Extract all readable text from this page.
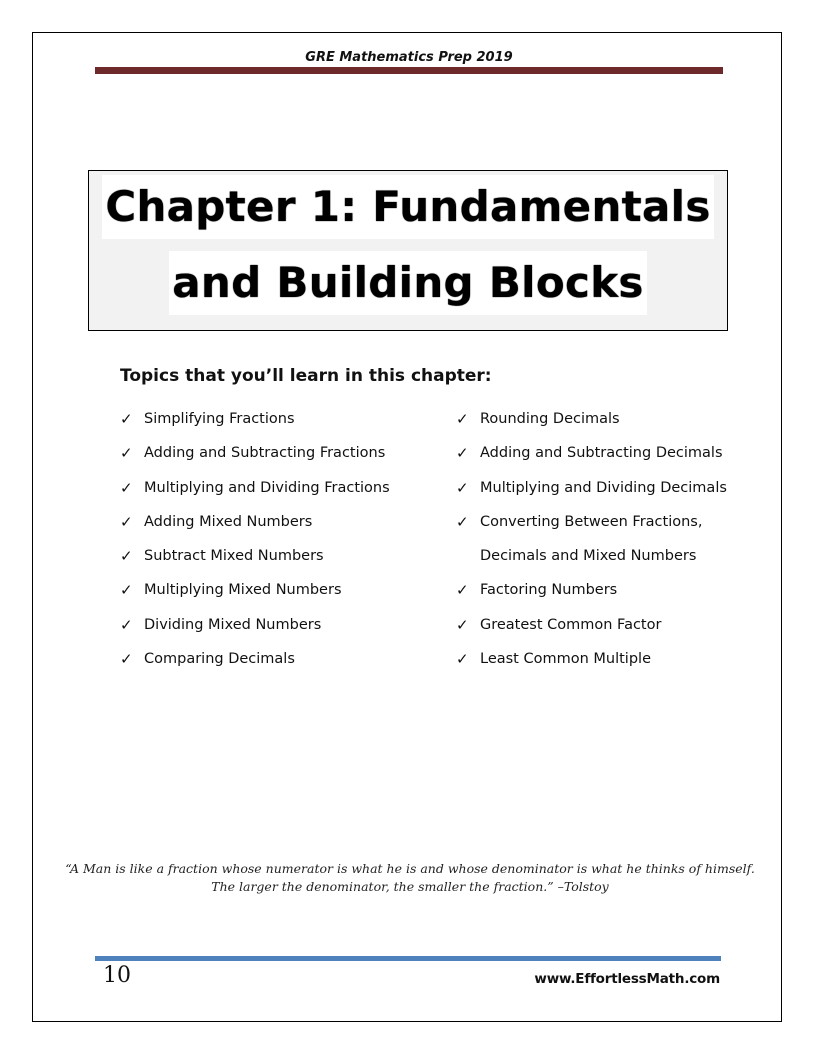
GRE Mathematics Prep 2019
Chapter 1: Fundamentals
and Building Blocks
Topics that you’ll learn in this chapter:
✓ Simplifying Fractions
✓ Adding and Subtracting Fractions
✓ Multiplying and Dividing Fractions
✓ Adding Mixed Numbers
✓ Subtract Mixed Numbers
✓ Multiplying Mixed Numbers
✓ Dividing Mixed Numbers
✓ Comparing Decimals
✓ Rounding Decimals
✓ Adding and Subtracting Decimals
✓ Multiplying and Dividing Decimals
✓ Converting Between Fractions, Decimals and Mixed Numbers
✓ Factoring Numbers
✓ Greatest Common Factor
✓ Least Common Multiple
“A Man is like a fraction whose numerator is what he is and whose denominator is what he thinks of himself.
The larger the denominator, the smaller the fraction.” –Tolstoy
10	www.EffortlessMath.com
